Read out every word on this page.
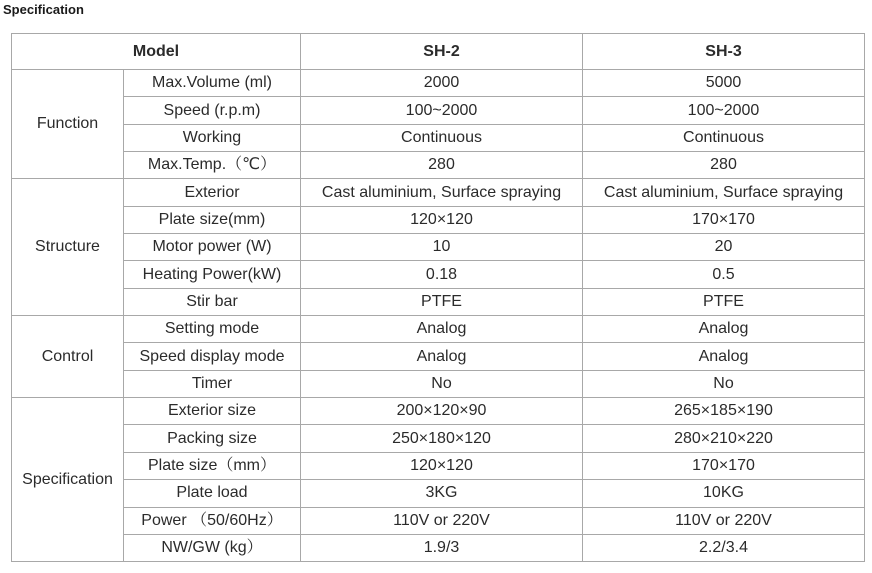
Specification
Model		SH-2	SH-3
Function	Max.Volume (ml)	2000	5000
	Speed (r.p.m)	100~2000	100~2000
	Working	Continuous	Continuous
	Max.Temp.（℃）	280	280
Structure	Exterior	Cast aluminium, Surface spraying	Cast aluminium, Surface spraying
	Plate size(mm)	120×120	170×170
	Motor power (W)	10	20
	Heating Power(kW)	0.18	0.5
	Stir bar	PTFE	PTFE
Control	Setting mode	Analog	Analog
	Speed display mode	Analog	Analog
	Timer	No	No
Specification	Exterior size	200×120×90	265×185×190
	Packing size	250×180×120	280×210×220
	Plate size（mm）	120×120	170×170
	Plate load	3KG	10KG
	Power （50/60Hz）	110V or 220V	110V or 220V
	NW/GW (kg）	1.9/3	2.2/3.4
